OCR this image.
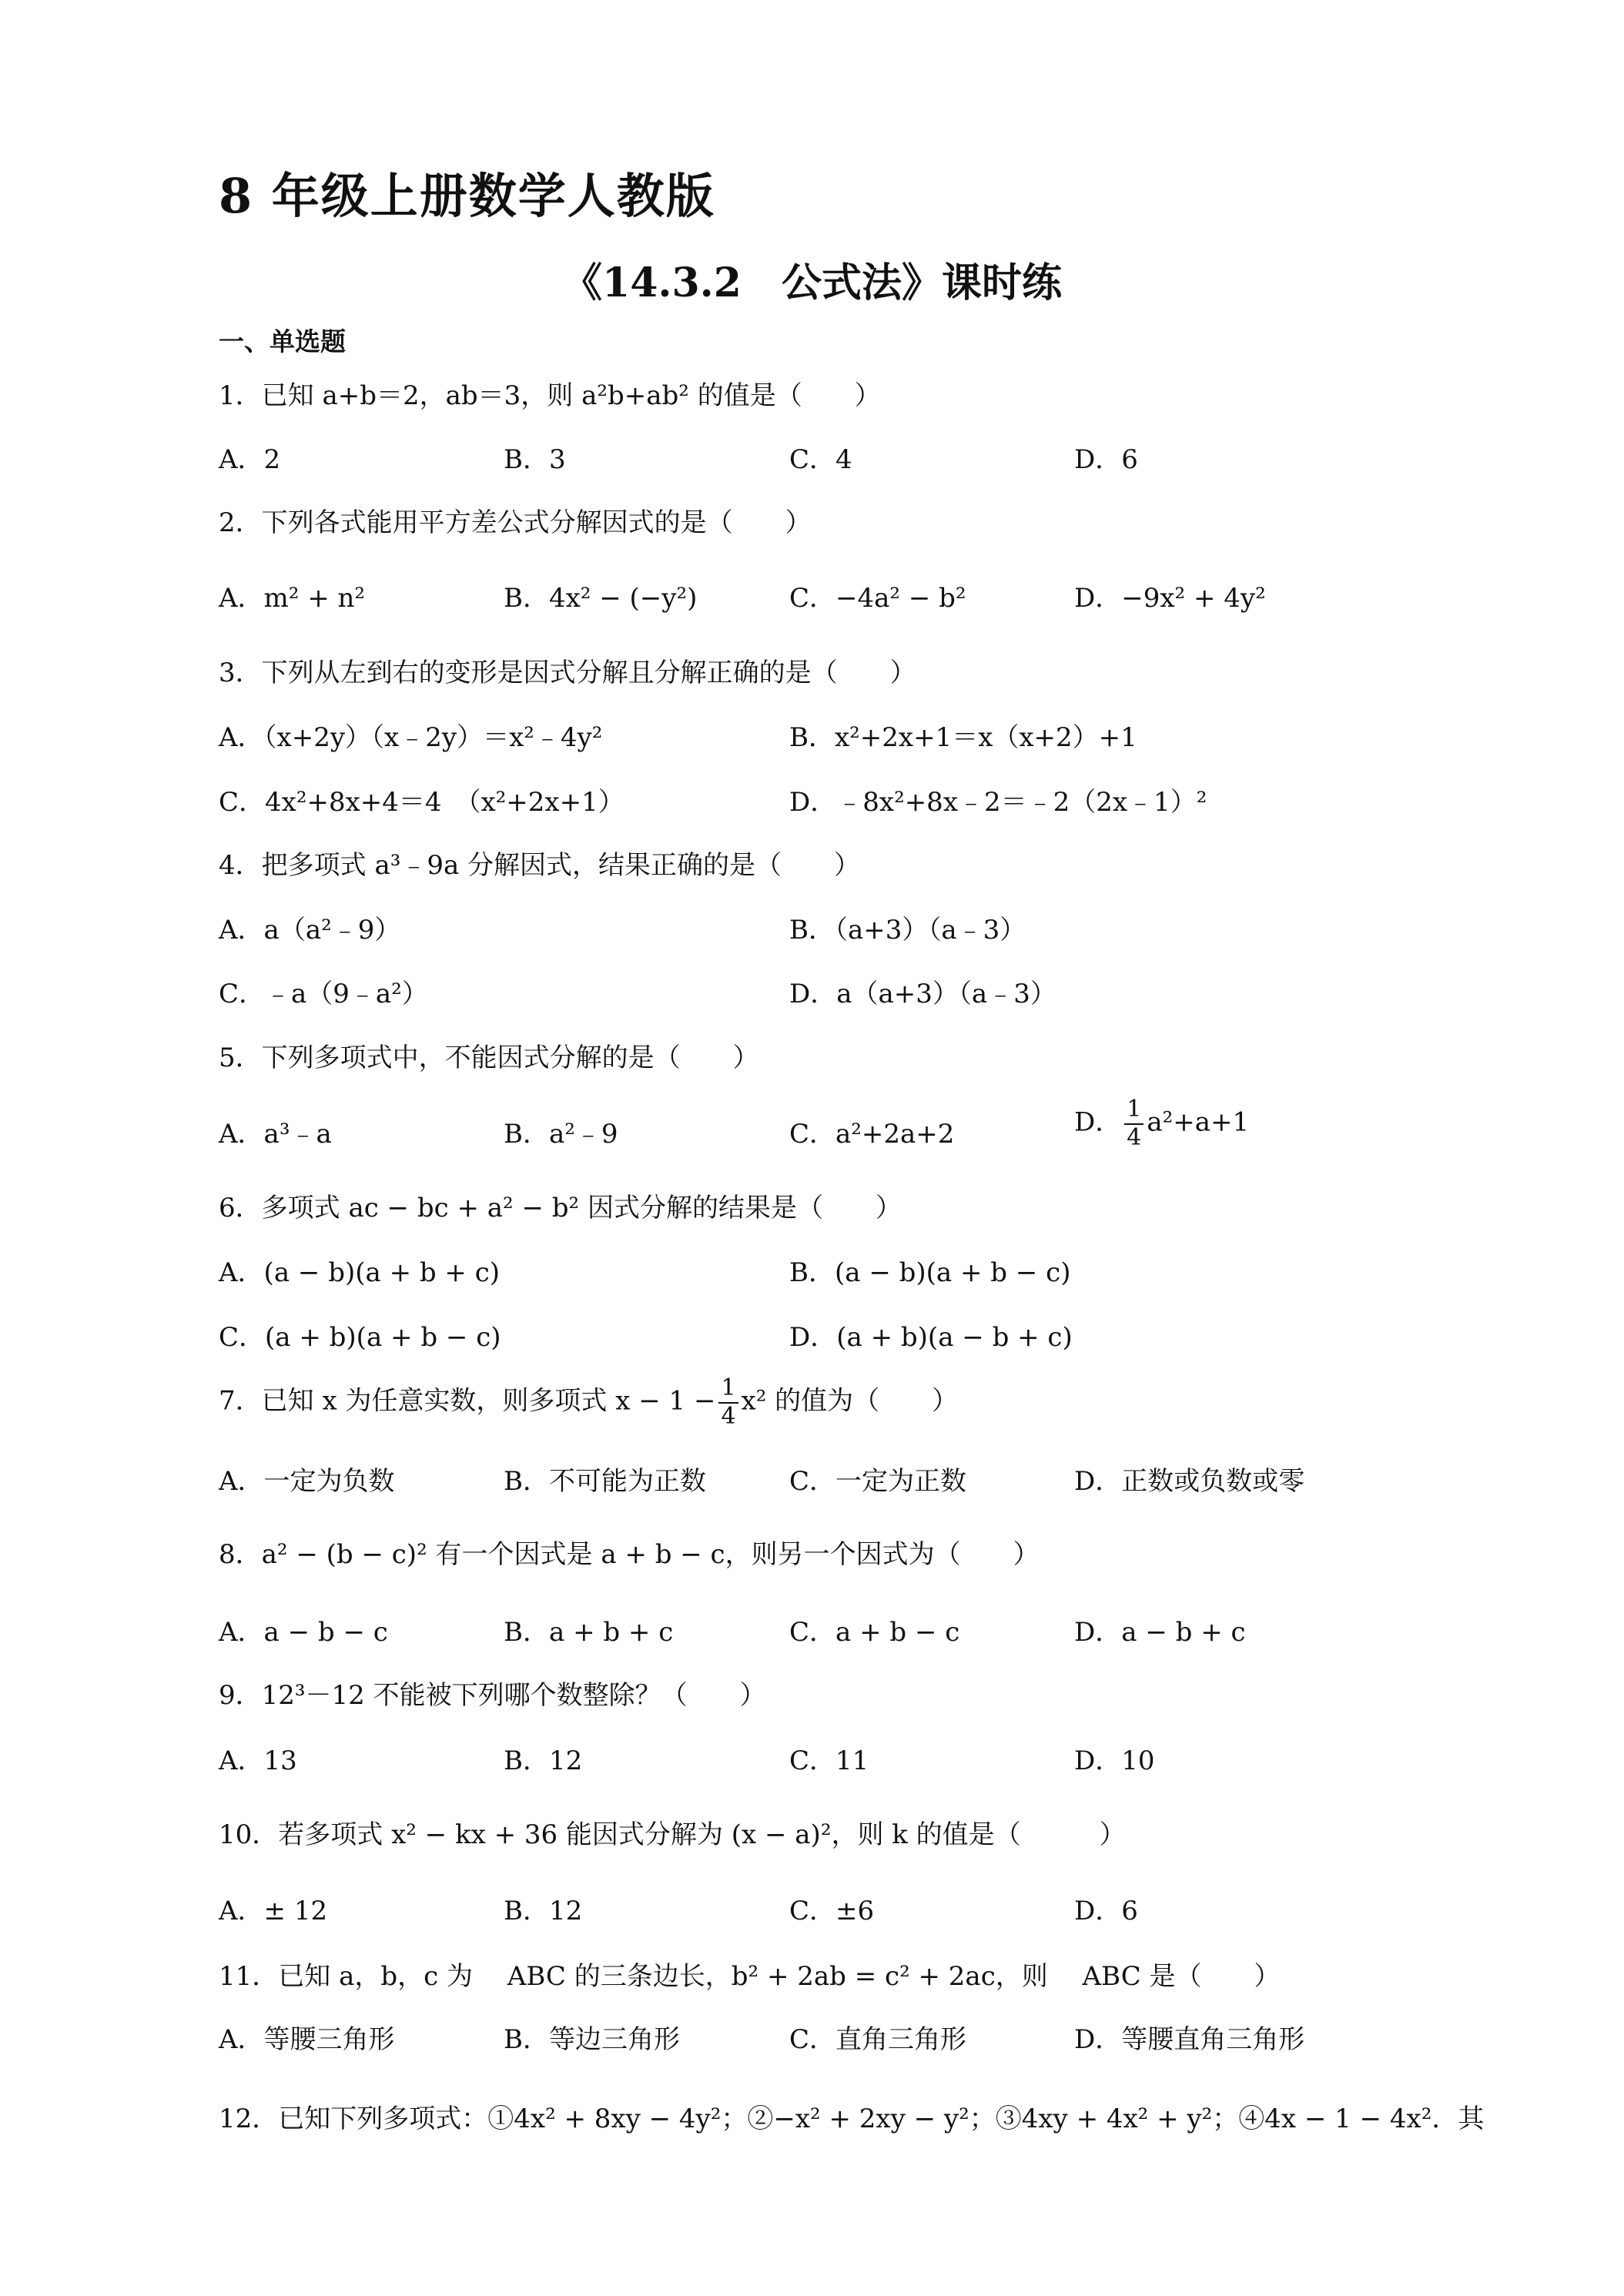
8 年级上册数学人教版
《14.3.2　公式法》课时练
一、单选题
1．已知 a+b＝2，ab＝3，则 a²b+ab² 的值是（　　）
A．2	B．3	C．4	D．6
2．下列各式能用平方差公式分解因式的是（　　）
A．m² + n²	B．4x² − (−y²)	C．−4a² − b²	D．−9x² + 4y²
3．下列从左到右的变形是因式分解且分解正确的是（　　）
A．（x+2y）（x﹣2y）＝x²﹣4y²	B．x²+2x+1＝x（x+2）+1
C．4x²+8x+4＝4　（x²+2x+1）	D．﹣8x²+8x﹣2＝﹣2（2x﹣1）²
4．把多项式 a³﹣9a 分解因式，结果正确的是（　　）
A．a（a²﹣9）	B．（a+3）（a﹣3）
C．﹣a（9﹣a²）	D．a（a+3）（a﹣3）
5．下列多项式中，不能因式分解的是（　　）
A．a³﹣a	B．a²﹣9	C．a²+2a+2	D． $\frac{1}{4} a^2+a+1$
6．多项式 ac − bc + a² − b² 因式分解的结果是（　　）
A．(a − b)(a + b + c)	B．(a − b)(a + b − c)
C．(a + b)(a + b − c)	D．(a + b)(a − b + c)
7．已知 x 为任意实数，则多项式 $x - 1 - \frac{1}{4} x^2$ 的值为（　　）
A．一定为负数	B．不可能为正数	C．一定为正数	D．正数或负数或零
8．a² − (b − c)² 有一个因式是 a + b − c，则另一个因式为（　　）
A．a − b − c	B．a + b + c	C．a + b − c	D．a − b + c
9．12³－12 不能被下列哪个数整除？（　　）
A．13	B．12	C．11	D．10
10．若多项式 x² − kx + 36 能因式分解为 (x − a)²，则 k 的值是（　　　）
A．± 12	B．12	C．±6	D．6
11．已知 a，b，c 为 　ABC 的三条边长，b² + 2ab = c² + 2ac，则 　ABC 是（　　）
A．等腰三角形	B．等边三角形	C．直角三角形	D．等腰直角三角形
12．已知下列多项式：①4x² + 8xy − 4y²；②−x² + 2xy − y²；③4xy + 4x² + y²；④4x − 1 − 4x²．其
